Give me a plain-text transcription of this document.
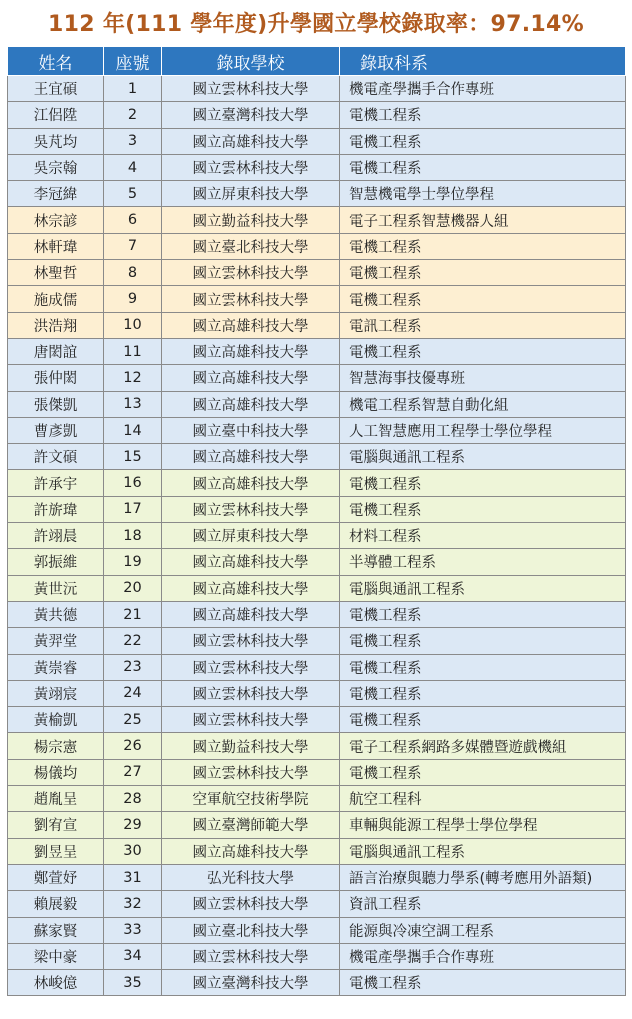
112 年(111 學年度)升學國立學校錄取率：97.14%
姓名	座號	錄取學校	錄取科系
王宜碩	1	國立雲林科技大學	機電產學攜手合作專班
江侶陞	2	國立臺灣科技大學	電機工程系
吳芃均	3	國立高雄科技大學	電機工程系
吳宗翰	4	國立雲林科技大學	電機工程系
李冠緯	5	國立屏東科技大學	智慧機電學士學位學程
林宗諺	6	國立勤益科技大學	電子工程系智慧機器人組
林軒瑋	7	國立臺北科技大學	電機工程系
林聖哲	8	國立雲林科技大學	電機工程系
施成儒	9	國立雲林科技大學	電機工程系
洪浩翔	10	國立高雄科技大學	電訊工程系
唐閎誼	11	國立高雄科技大學	電機工程系
張仲閎	12	國立高雄科技大學	智慧海事技優專班
張傑凱	13	國立高雄科技大學	機電工程系智慧自動化組
曹彥凱	14	國立臺中科技大學	人工智慧應用工程學士學位學程
許文碩	15	國立高雄科技大學	電腦與通訊工程系
許承宇	16	國立高雄科技大學	電機工程系
許旂瑋	17	國立雲林科技大學	電機工程系
許翊晨	18	國立屏東科技大學	材料工程系
郭振維	19	國立高雄科技大學	半導體工程系
黃世沅	20	國立高雄科技大學	電腦與通訊工程系
黃共德	21	國立高雄科技大學	電機工程系
黃羿堂	22	國立雲林科技大學	電機工程系
黃崇睿	23	國立雲林科技大學	電機工程系
黃翊宸	24	國立雲林科技大學	電機工程系
黃榆凱	25	國立雲林科技大學	電機工程系
楊宗憲	26	國立勤益科技大學	電子工程系網路多媒體暨遊戲機組
楊儀均	27	國立雲林科技大學	電機工程系
趙胤呈	28	空軍航空技術學院	航空工程科
劉宥宣	29	國立臺灣師範大學	車輛與能源工程學士學位學程
劉昱呈	30	國立高雄科技大學	電腦與通訊工程系
鄭萱妤	31	弘光科技大學	語言治療與聽力學系(轉考應用外語類)
賴展毅	32	國立雲林科技大學	資訊工程系
蘇家賢	33	國立臺北科技大學	能源與冷凍空調工程系
梁中豪	34	國立雲林科技大學	機電產學攜手合作專班
林峻億	35	國立臺灣科技大學	電機工程系
